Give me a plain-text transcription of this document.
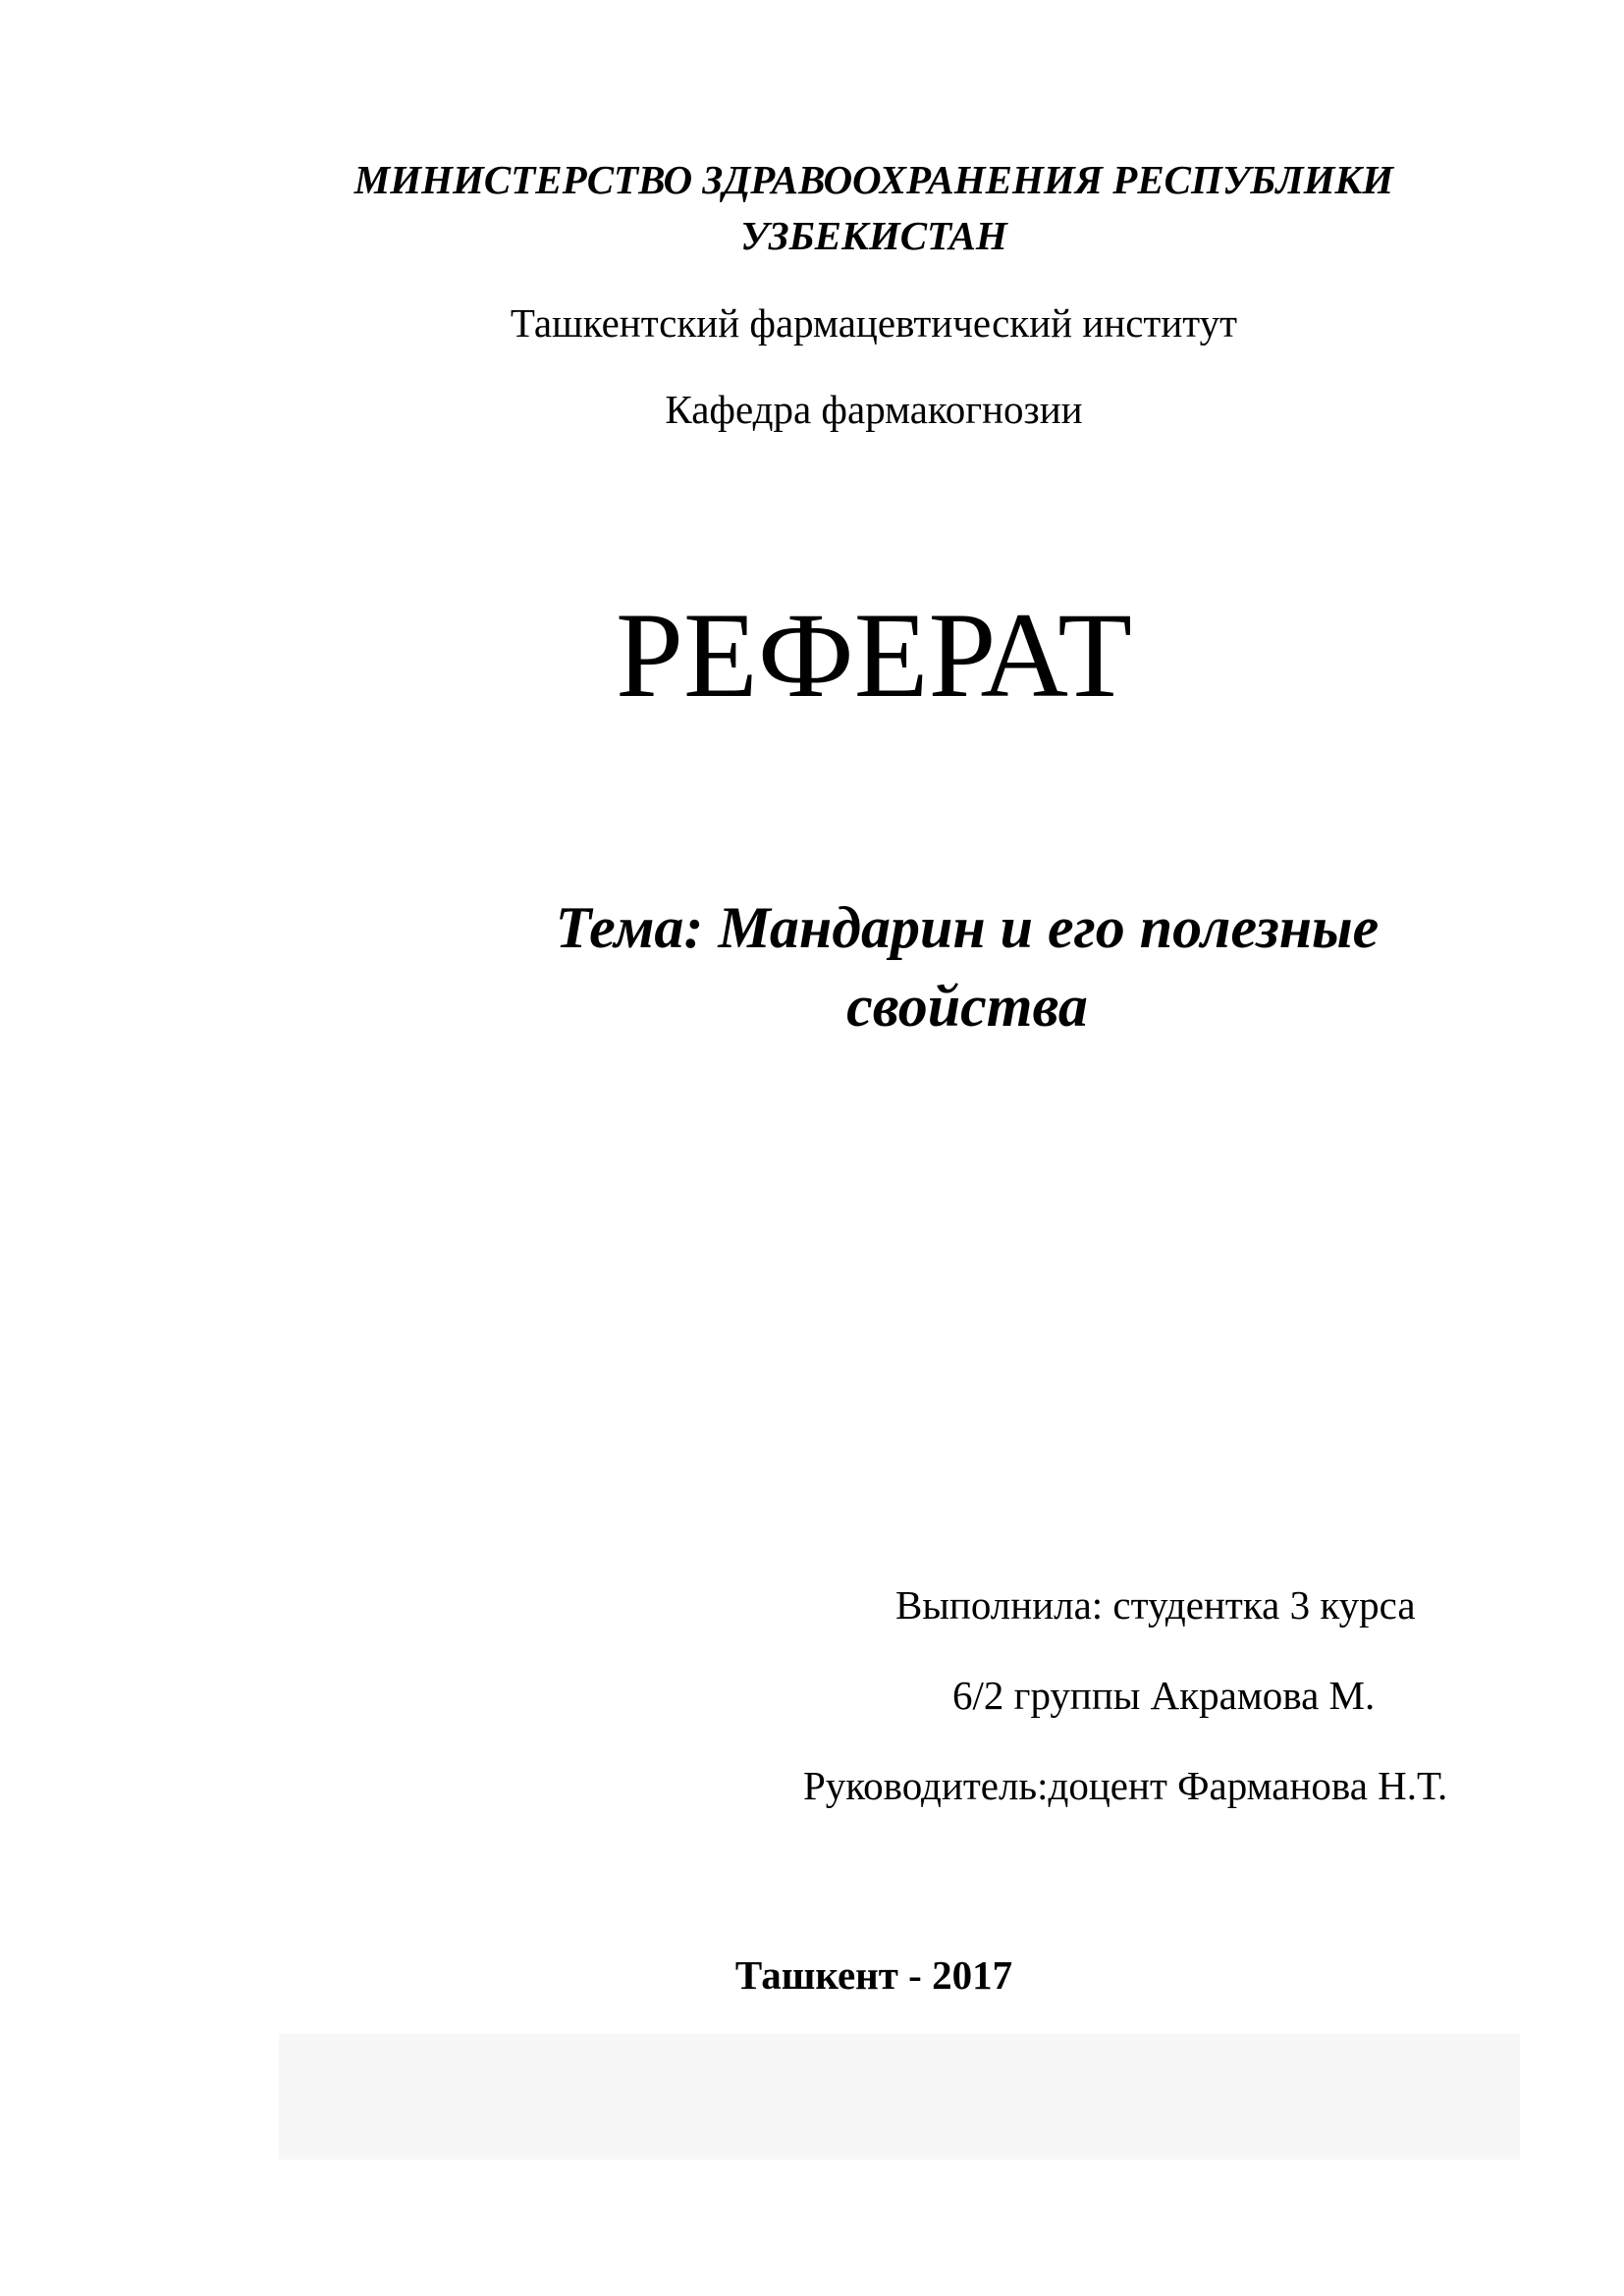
МИНИСТЕРСТВО ЗДРАВООХРАНЕНИЯ РЕСПУБЛИКИ
УЗБЕКИСТАН
Ташкентский фармацевтический институт
Кафедра фармакогнозии
РЕФЕРАТ
Тема: Мандарин и его полезные
свойства
Выполнила: студентка 3 курса
6/2 группы Акрамова М.
Руководитель:доцент Фарманова Н.Т.
Ташкент - 2017
